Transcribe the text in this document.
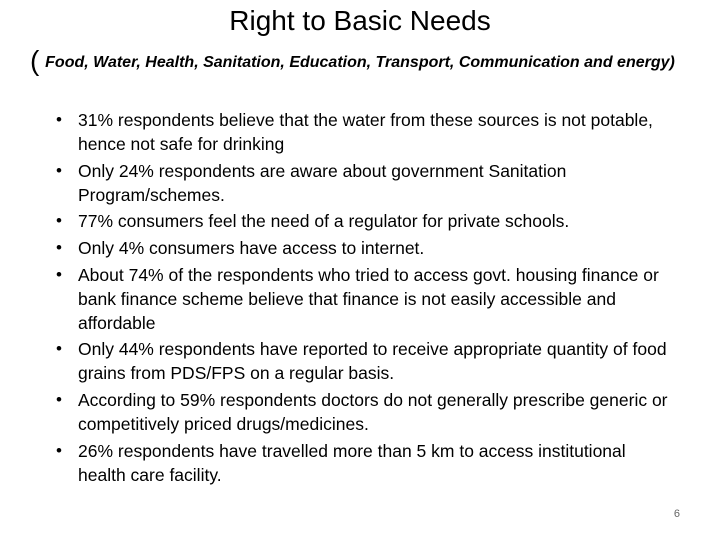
Right to Basic Needs
( Food, Water, Health, Sanitation, Education, Transport, Communication and energy)
• 31% respondents believe that the water from these sources is not potable, hence not safe for drinking
• Only 24% respondents are aware about government Sanitation Program/schemes.
• 77% consumers feel the need of a regulator for private schools.
• Only 4% consumers have access to internet.
• About 74% of the respondents who tried to access govt. housing finance or bank finance scheme believe that finance is not easily accessible and affordable
• Only 44% respondents have reported to receive appropriate quantity of food grains from PDS/FPS on a regular basis.
• According to 59% respondents doctors do not generally prescribe generic or competitively priced drugs/medicines.
• 26% respondents have travelled more than 5 km to access institutional health care facility.
6
